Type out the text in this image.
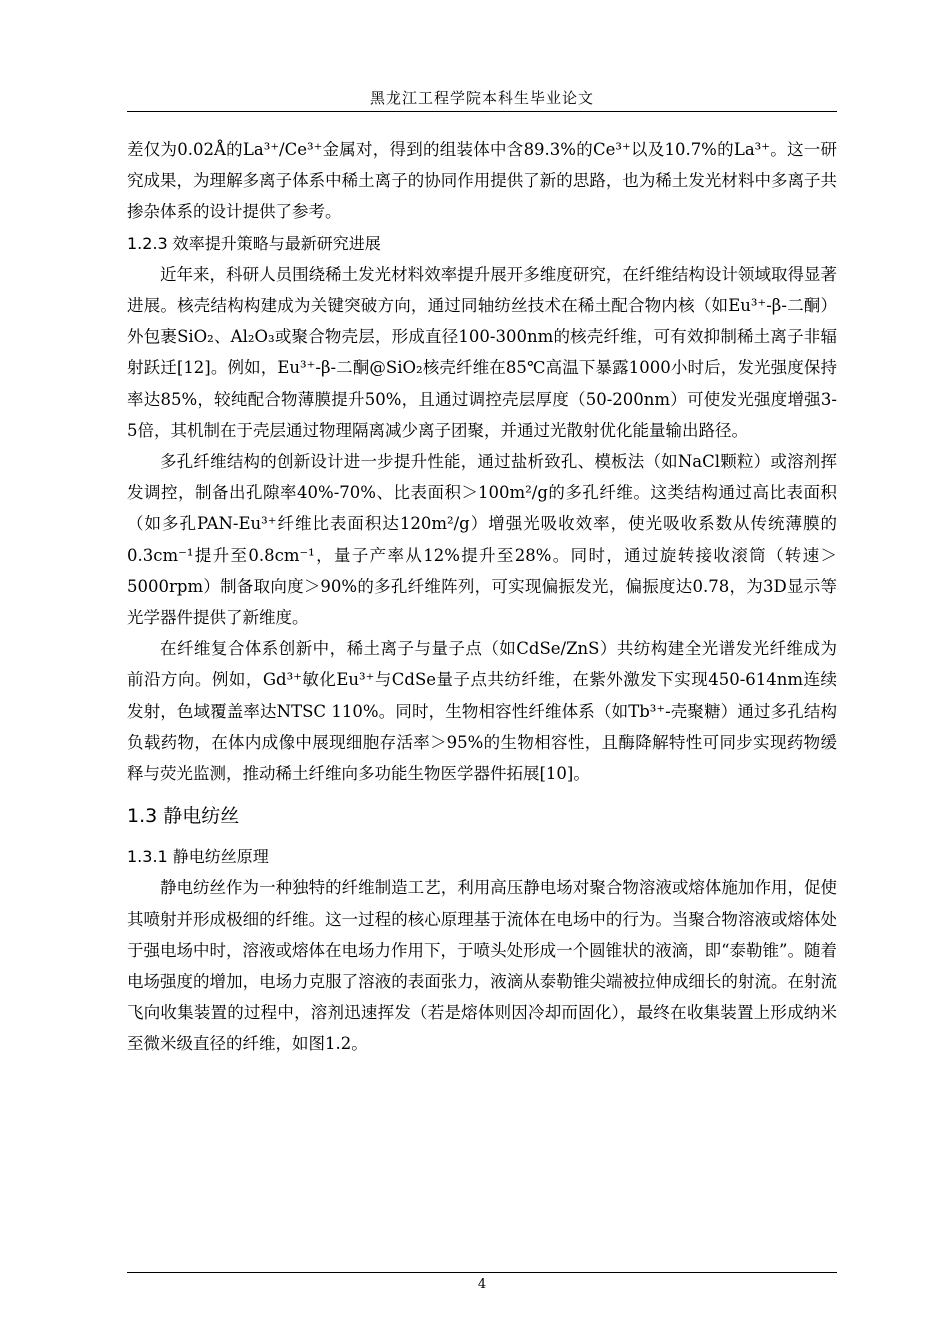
黑龙江工程学院本科生毕业论文

差仅为0.02Å的La³⁺/Ce³⁺金属对，得到的组装体中含89.3%的Ce³⁺以及10.7%的La³⁺。这一研究成果，为理解多离子体系中稀土离子的协同作用提供了新的思路，也为稀土发光材料中多离子共掺杂体系的设计提供了参考。

1.2.3 效率提升策略与最新研究进展

近年来，科研人员围绕稀土发光材料效率提升展开多维度研究，在纤维结构设计领域取得显著进展。核壳结构构建成为关键突破方向，通过同轴纺丝技术在稀土配合物内核（如Eu³⁺-β-二酮）外包裹SiO₂、Al₂O₃或聚合物壳层，形成直径100-300nm的核壳纤维，可有效抑制稀土离子非辐射跃迁[12]。例如，Eu³⁺-β-二酮@SiO₂核壳纤维在85℃高温下暴露1000小时后，发光强度保持率达85%，较纯配合物薄膜提升50%，且通过调控壳层厚度（50-200nm）可使发光强度增强3-5倍，其机制在于壳层通过物理隔离减少离子团聚，并通过光散射优化能量输出路径。

多孔纤维结构的创新设计进一步提升性能，通过盐析致孔、模板法（如NaCl颗粒）或溶剂挥发调控，制备出孔隙率40%-70%、比表面积＞100m²/g的多孔纤维。这类结构通过高比表面积（如多孔PAN-Eu³⁺纤维比表面积达120m²/g）增强光吸收效率，使光吸收系数从传统薄膜的0.3cm⁻¹提升至0.8cm⁻¹，量子产率从12%提升至28%。同时，通过旋转接收滚筒（转速＞5000rpm）制备取向度＞90%的多孔纤维阵列，可实现偏振发光，偏振度达0.78，为3D显示等光学器件提供了新维度。

在纤维复合体系创新中，稀土离子与量子点（如CdSe/ZnS）共纺构建全光谱发光纤维成为前沿方向。例如，Gd³⁺敏化Eu³⁺与CdSe量子点共纺纤维，在紫外激发下实现450-614nm连续发射，色域覆盖率达NTSC 110%。同时，生物相容性纤维体系（如Tb³⁺-壳聚糖）通过多孔结构负载药物，在体内成像中展现细胞存活率＞95%的生物相容性，且酶降解特性可同步实现药物缓释与荧光监测，推动稀土纤维向多功能生物医学器件拓展[10]。

1.3 静电纺丝
1.3.1 静电纺丝原理

静电纺丝作为一种独特的纤维制造工艺，利用高压静电场对聚合物溶液或熔体施加作用，促使其喷射并形成极细的纤维。这一过程的核心原理基于流体在电场中的行为。当聚合物溶液或熔体处于强电场中时，溶液或熔体在电场力作用下，于喷头处形成一个圆锥状的液滴，即“泰勒锥”。随着电场强度的增加，电场力克服了溶液的表面张力，液滴从泰勒锥尖端被拉伸成细长的射流。在射流飞向收集装置的过程中，溶剂迅速挥发（若是熔体则因冷却而固化），最终在收集装置上形成纳米至微米级直径的纤维，如图1.2。

4
